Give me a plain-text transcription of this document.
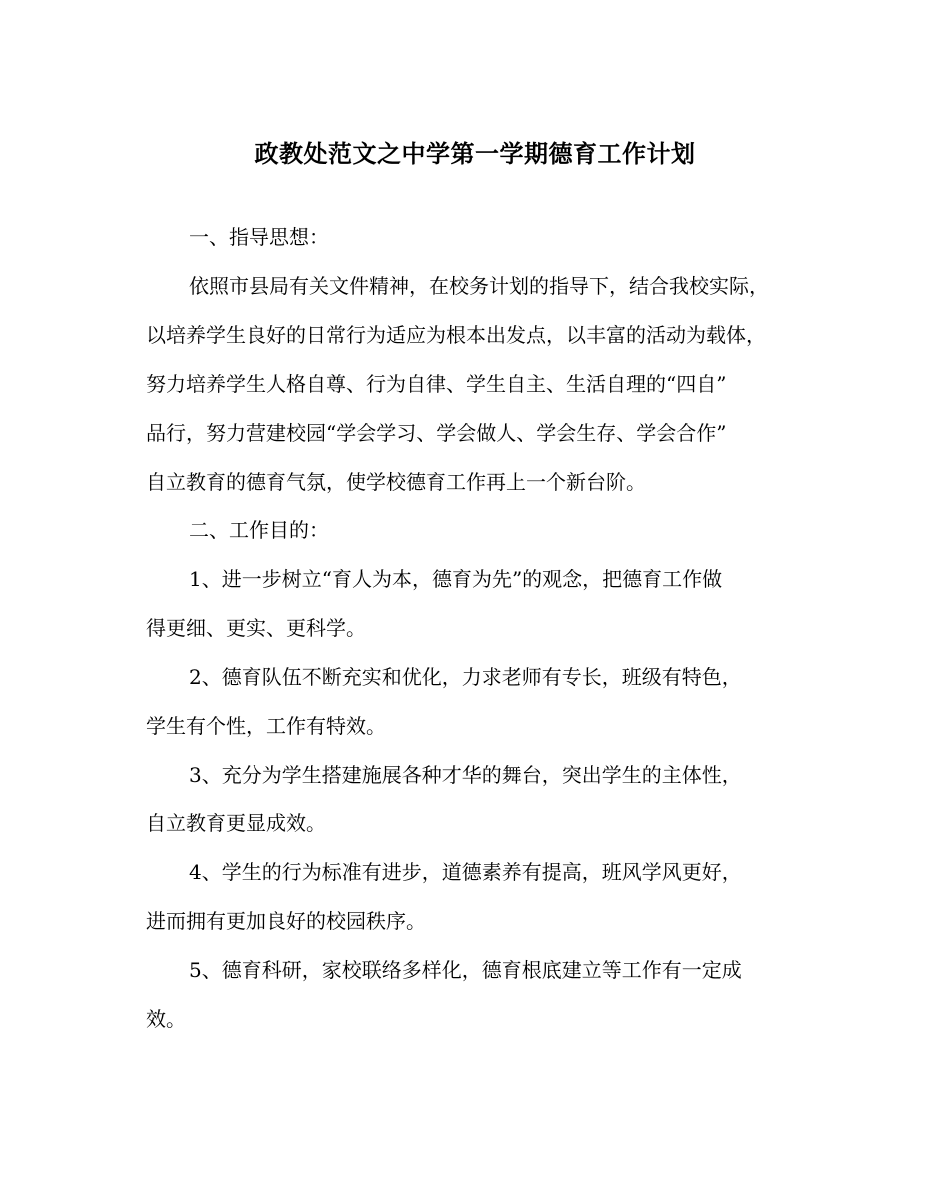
政教处范文之中学第一学期德育工作计划
一、指导思想：
依照市县局有关文件精神，在校务计划的指导下，结合我校实际，
以培养学生良好的日常行为适应为根本出发点，以丰富的活动为载体，
努力培养学生人格自尊、行为自律、学生自主、生活自理的“四自”
品行，努力营建校园“学会学习、学会做人、学会生存、学会合作”
自立教育的德育气氛，使学校德育工作再上一个新台阶。
二、工作目的：
1、进一步树立“育人为本，德育为先”的观念，把德育工作做
得更细、更实、更科学。
2、德育队伍不断充实和优化，力求老师有专长，班级有特色，
学生有个性，工作有特效。
3、充分为学生搭建施展各种才华的舞台，突出学生的主体性，
自立教育更显成效。
4、学生的行为标准有进步，道德素养有提高，班风学风更好，
进而拥有更加良好的校园秩序。
5、德育科研，家校联络多样化，德育根底建立等工作有一定成
效。
